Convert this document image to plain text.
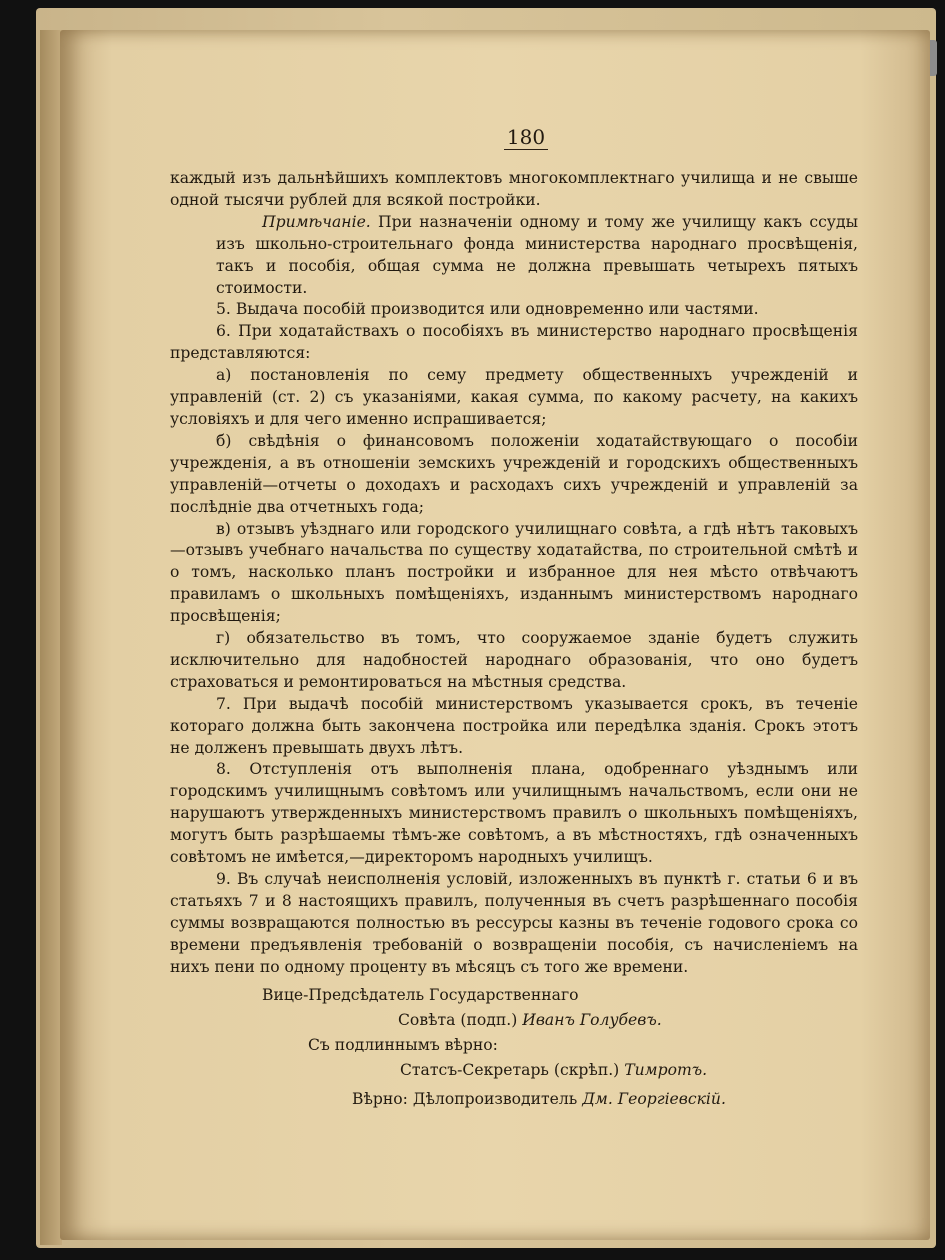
180

каждый изъ дальнѣйшихъ комплектовъ многокомплектнаго училища и не свыше одной тысячи рублей для всякой постройки.

Примѣчаніе. При назначеніи одному и тому же училищу какъ ссуды изъ школьно-строительнаго фонда министерства народнаго просвѣщенія, такъ и пособія, общая сумма не должна превышать четырехъ пятыхъ стоимости.

5. Выдача пособій производится или одновременно или частями.

6. При ходатайствахъ о пособіяхъ въ министерство народнаго просвѣщенія представляются:

а) постановленія по сему предмету общественныхъ учрежденій и управленій (ст. 2) съ указаніями, какая сумма, по какому расчету, на какихъ условіяхъ и для чего именно испрашивается;

б) свѣдѣнія о финансовомъ положеніи ходатайствующаго о пособіи учрежденія, а въ отношеніи земскихъ учрежденій и городскихъ общественныхъ управленій—отчеты о доходахъ и расходахъ сихъ учрежденій и управленій за послѣдніе два отчетныхъ года;

в) отзывъ уѣзднаго или городского училищнаго совѣта, а гдѣ нѣтъ таковыхъ—отзывъ учебнаго начальства по существу ходатайства, по строительной смѣтѣ и о томъ, насколько планъ постройки и избранное для нея мѣсто отвѣчаютъ правиламъ о школьныхъ помѣщеніяхъ, изданнымъ министерствомъ народнаго просвѣщенія;

г) обязательство въ томъ, что сооружаемое зданіе будетъ служить исключительно для надобностей народнаго образованія, что оно будетъ страховаться и ремонтироваться на мѣстныя средства.

7. При выдачѣ пособій министерствомъ указывается срокъ, въ теченіе котораго должна быть закончена постройка или передѣлка зданія. Срокъ этотъ не долженъ превышать двухъ лѣтъ.

8. Отступленія отъ выполненія плана, одобреннаго уѣзднымъ или городскимъ училищнымъ совѣтомъ или училищнымъ начальствомъ, если они не нарушаютъ утвержденныхъ министерствомъ правилъ о школьныхъ помѣщеніяхъ, могутъ быть разрѣшаемы тѣмъ-же совѣтомъ, а въ мѣстностяхъ, гдѣ означенныхъ совѣтомъ не имѣется,—директоромъ народныхъ училищъ.

9. Въ случаѣ неисполненія условій, изложенныхъ въ пунктѣ г. статьи 6 и въ статьяхъ 7 и 8 настоящихъ правилъ, полученныя въ счетъ разрѣшеннаго пособія суммы возвращаются полностью въ рессурсы казны въ теченіе годового срока со времени предъявленія требованій о возвращеніи пособія, съ начисленіемъ на нихъ пени по одному проценту въ мѣсяцъ съ того же времени.

Вице-Предсѣдатель Государственнаго

Совѣта (подп.) Иванъ Голубевъ.

Съ подлиннымъ вѣрно:

Статсъ-Секретарь (скрѣп.) Тимротъ.

Вѣрно: Дѣлопроизводитель Дм. Георгіевскій.
